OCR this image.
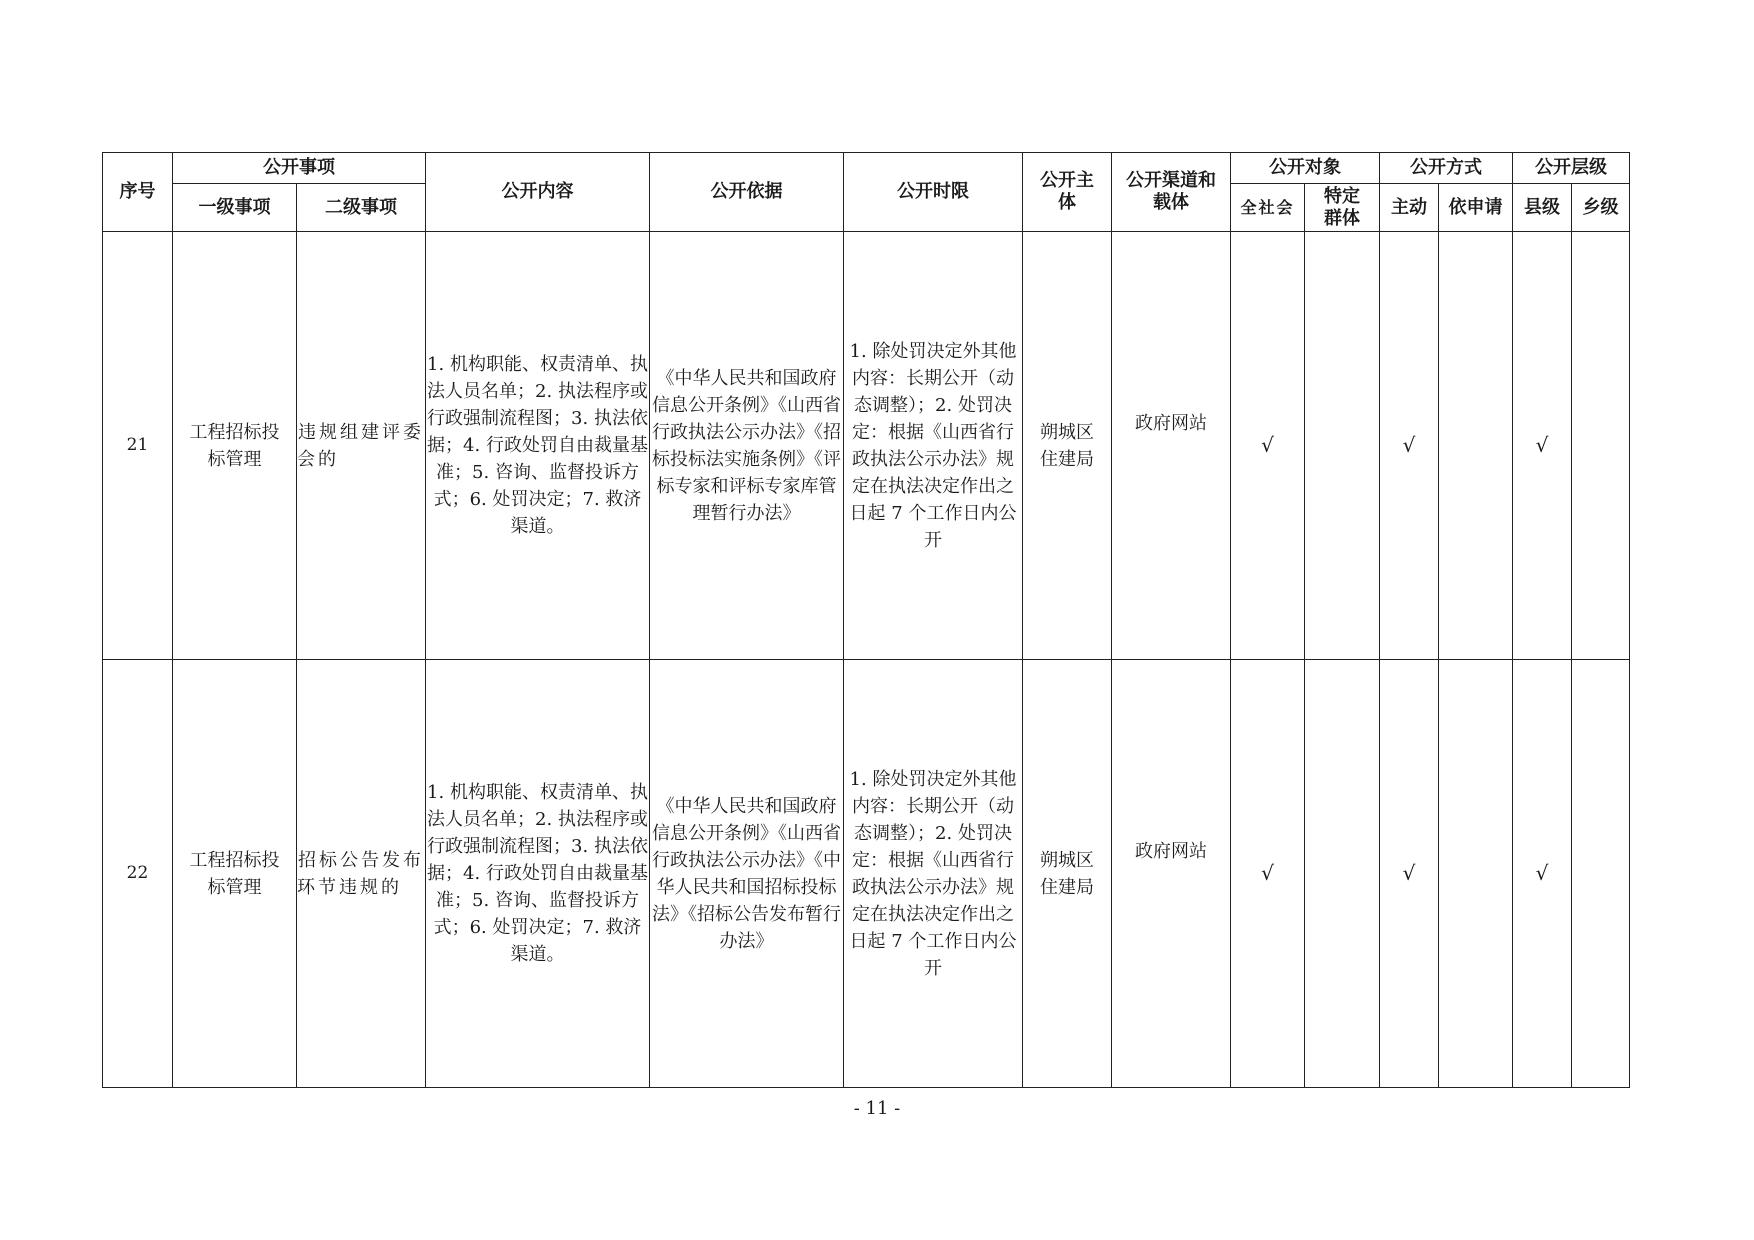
序号	公开事项		公开内容	公开依据	公开时限	公开主体	公开渠道和载体	公开对象		公开方式		公开层级	
	一级事项	二级事项						全社会	特定群体	主动	依申请	县级	乡级
21	工程招标投标管理	违规组建评委会的	1. 机构职能、权责清单、执法人员名单；2. 执法程序或行政强制流程图；3. 执法依据；4. 行政处罚自由裁量基准；5. 咨询、监督投诉方式；6. 处罚决定；7. 救济渠道。	《中华人民共和国政府信息公开条例》《山西省行政执法公示办法》《招标投标法实施条例》《评标专家和评标专家库管理暂行办法》	1. 除处罚决定外其他内容：长期公开（动态调整）；2. 处罚决定：根据《山西省行政执法公示办法》规定在执法决定作出之日起 7 个工作日内公开	朔城区住建局	政府网站	√		√		√	
22	工程招标投标管理	招标公告发布环节违规的	1. 机构职能、权责清单、执法人员名单；2. 执法程序或行政强制流程图；3. 执法依据；4. 行政处罚自由裁量基准；5. 咨询、监督投诉方式；6. 处罚决定；7. 救济渠道。	《中华人民共和国政府信息公开条例》《山西省行政执法公示办法》《中华人民共和国招标投标法》《招标公告发布暂行办法》	1. 除处罚决定外其他内容：长期公开（动态调整）；2. 处罚决定：根据《山西省行政执法公示办法》规定在执法决定作出之日起 7 个工作日内公开	朔城区住建局	政府网站	√		√		√	
- 11 -
